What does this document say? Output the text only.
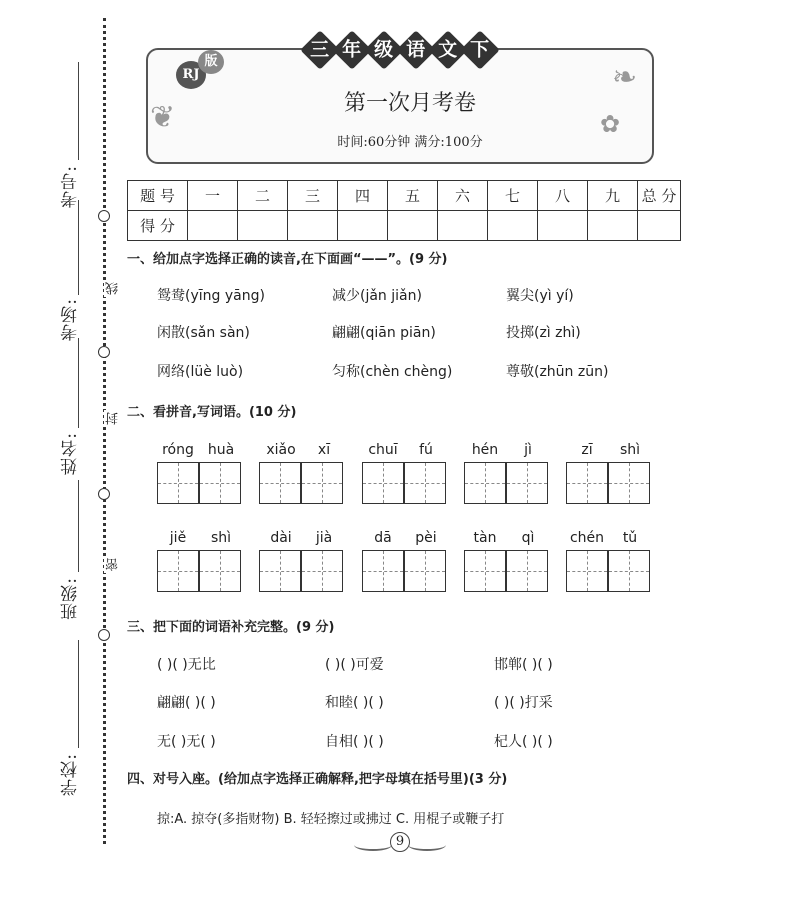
考号:
考场:
姓名:
班级:
学校:
线
封
密
❦
❧
✿
三 年 级 语 文 下
RJ
版
第一次月考卷
时间:60分钟 满分:100分
题 号	一	二	三	四	五	六	七	八	九	总 分
得 分										
一、给加点字选择正确的读音,在下面画“——”。(9 分)
鸳鸯(yīng yāng)	减少(jǎn jiǎn)	翼尖(yì yí)
闲散(sǎn sàn)	翩翩(qiān piān)	投掷(zì zhì)
网络(lüè luò)	匀称(chèn chèng)	尊敬(zhūn zūn)
二、看拼音,写词语。(10 分)
róng huà	xiǎo	xī	chuī	fú	hén	jì	zī	shì
jiě	shì	dài	jià	dā	pèi	tàn	qì	chén	tǔ
三、把下面的词语补充完整。(9 分)
( )( )无比	( )( )可爱	邯郸( )( )
翩翩( )( )	和睦( )( )	( )( )打采
无( )无( )	自相( )( )	杞人( )( )
四、对号入座。(给加点字选择正确解释,把字母填在括号里)(3 分)
掠:A. 掠夺(多指财物) B. 轻轻擦过或拂过 C. 用棍子或鞭子打
9
